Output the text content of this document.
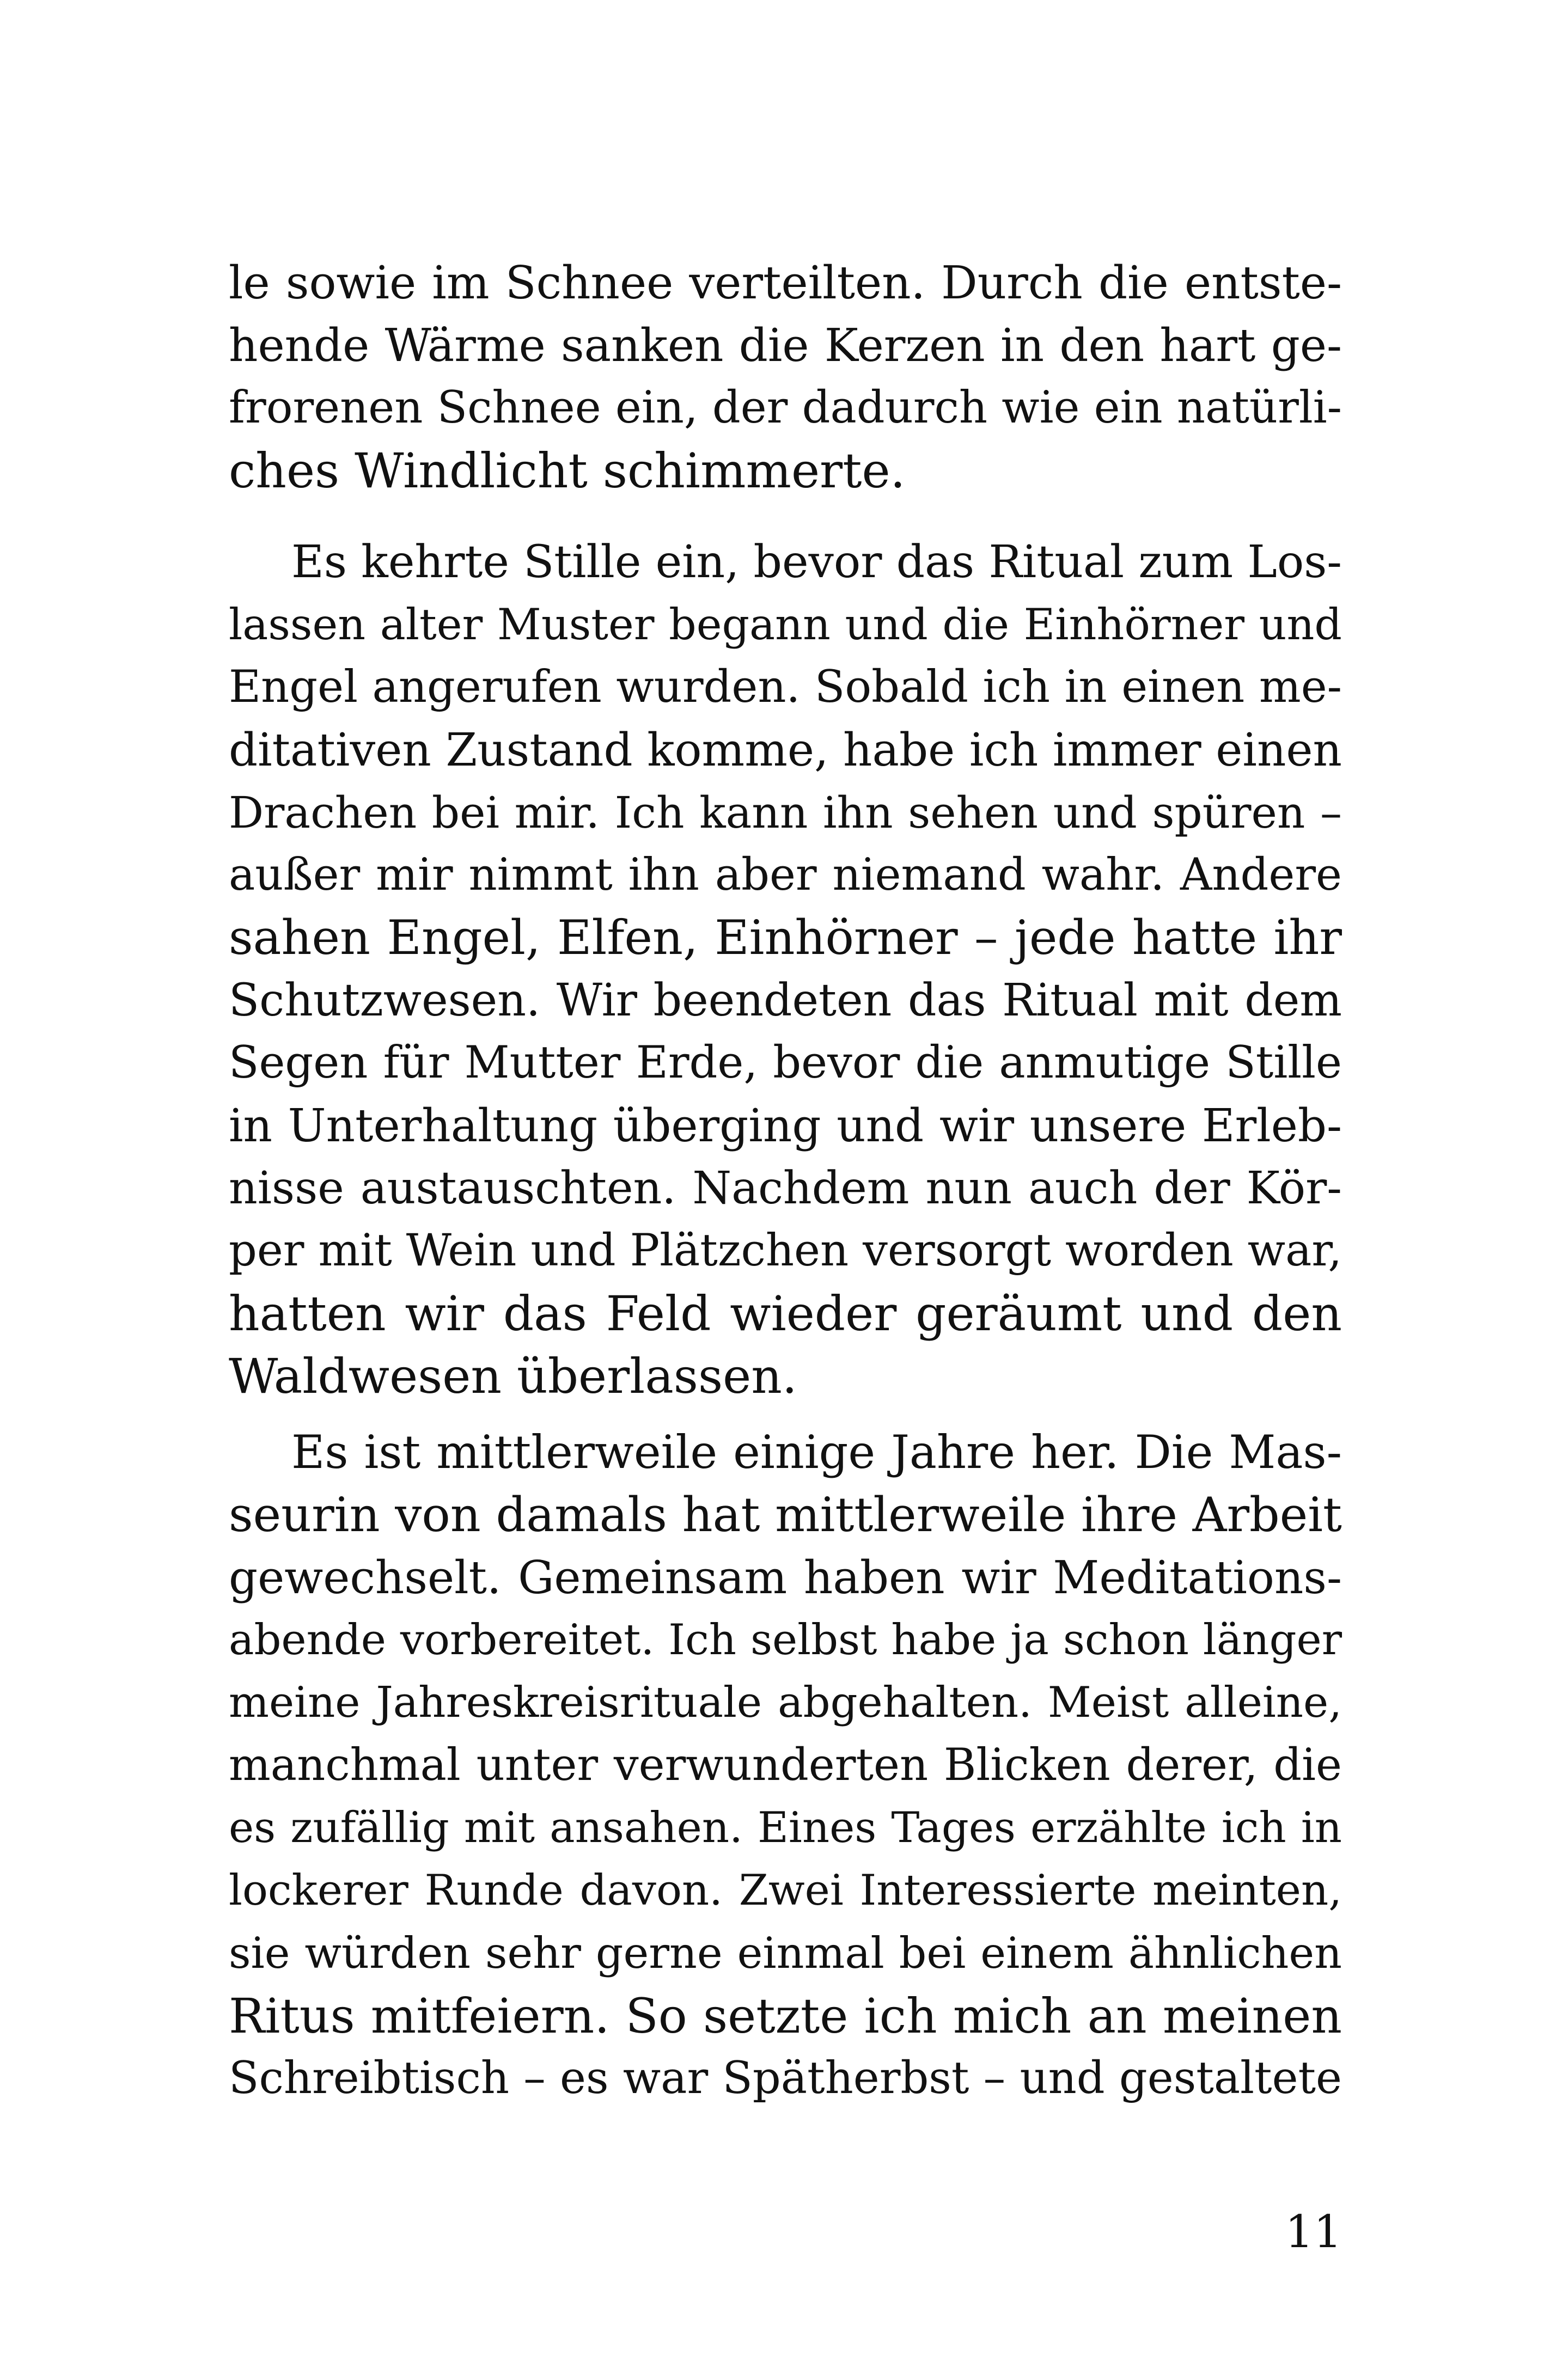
le sowie im Schnee verteilten. Durch die entste-
hende Wärme sanken die Kerzen in den hart ge-
frorenen Schnee ein, der dadurch wie ein natürli-
ches Windlicht schimmerte.
Es kehrte Stille ein, bevor das Ritual zum Los-
lassen alter Muster begann und die Einhörner und
Engel angerufen wurden. Sobald ich in einen me-
ditativen Zustand komme, habe ich immer einen
Drachen bei mir. Ich kann ihn sehen und spüren –
außer mir nimmt ihn aber niemand wahr. Andere
sahen Engel, Elfen, Einhörner – jede hatte ihr
Schutzwesen. Wir beendeten das Ritual mit dem
Segen für Mutter Erde, bevor die anmutige Stille
in Unterhaltung überging und wir unsere Erleb-
nisse austauschten. Nachdem nun auch der Kör-
per mit Wein und Plätzchen versorgt worden war,
hatten wir das Feld wieder geräumt und den
Waldwesen überlassen.
Es ist mittlerweile einige Jahre her. Die Mas-
seurin von damals hat mittlerweile ihre Arbeit
gewechselt. Gemeinsam haben wir Meditations-
abende vorbereitet. Ich selbst habe ja schon länger
meine Jahreskreisrituale abgehalten. Meist alleine,
manchmal unter verwunderten Blicken derer, die
es zufällig mit ansahen. Eines Tages erzählte ich in
lockerer Runde davon. Zwei Interessierte meinten,
sie würden sehr gerne einmal bei einem ähnlichen
Ritus mitfeiern. So setzte ich mich an meinen
Schreibtisch – es war Spätherbst – und gestaltete
11
